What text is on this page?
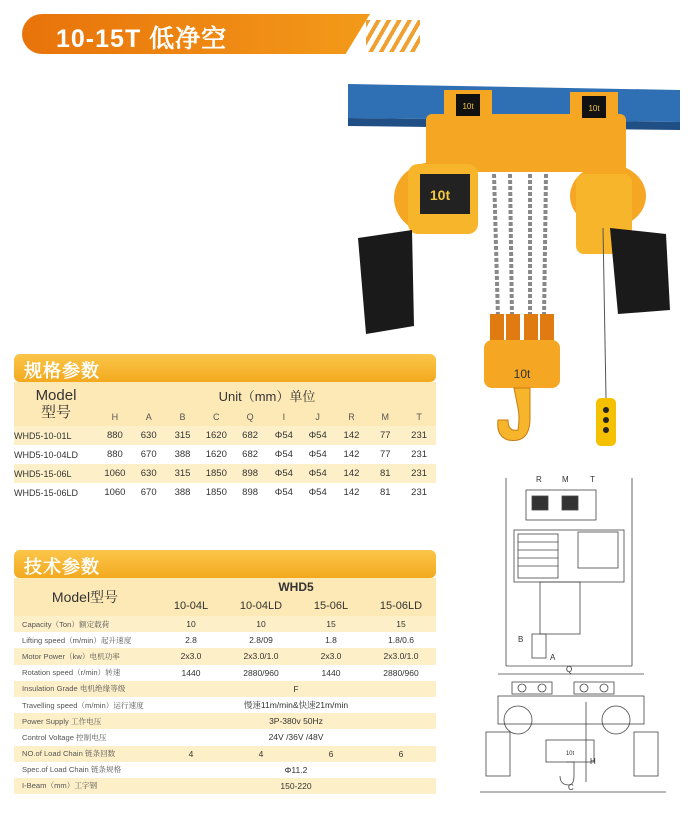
10-15T 低净空
10t	10t
10t
10t
规格参数
Model
型号	Unit（mm）单位									
	H	A	B	C	Q	I	J	R	M	T
WHD5-10-01L	880	630	315	1620	682	Φ54	Φ54	142	77	231
WHD5-10-04LD	880	670	388	1620	682	Φ54	Φ54	142	77	231
WHD5-15-06L	1060	630	315	1850	898	Φ54	Φ54	142	81	231
WHD5-15-06LD	1060	670	388	1850	898	Φ54	Φ54	142	81	231
技术参数
Model型号	WHD5			
	10-04L	10-04LD	15-06L	15-06LD
Capacity（Ton）额定载荷	10	10	15	15
Lifting speed（m/min）起升速度	2.8	2.8/09	1.8	1.8/0.6
Motor Power（kw）电机功率	2x3.0	2x3.0/1.0	2x3.0	2x3.0/1.0
Rotation speed（r/min）转速	1440	2880/960	1440	2880/960
Insulation Grade 电机绝缘等级	F			
Travelling speed（m/min）运行速度	慢速11m/min&快速21m/min			
Power Supply 工作电压	3P-380v 50Hz			
Control Voltage 控制电压	24V /36V /48V			
NO.of Load Chain 链条回数	4	4	6	6
Spec.of Load Chain 链条规格	Φ11.2			
I-Beam（mm）工字钢	150-220			
R	M	T
B
A
10t
Q
H
C
